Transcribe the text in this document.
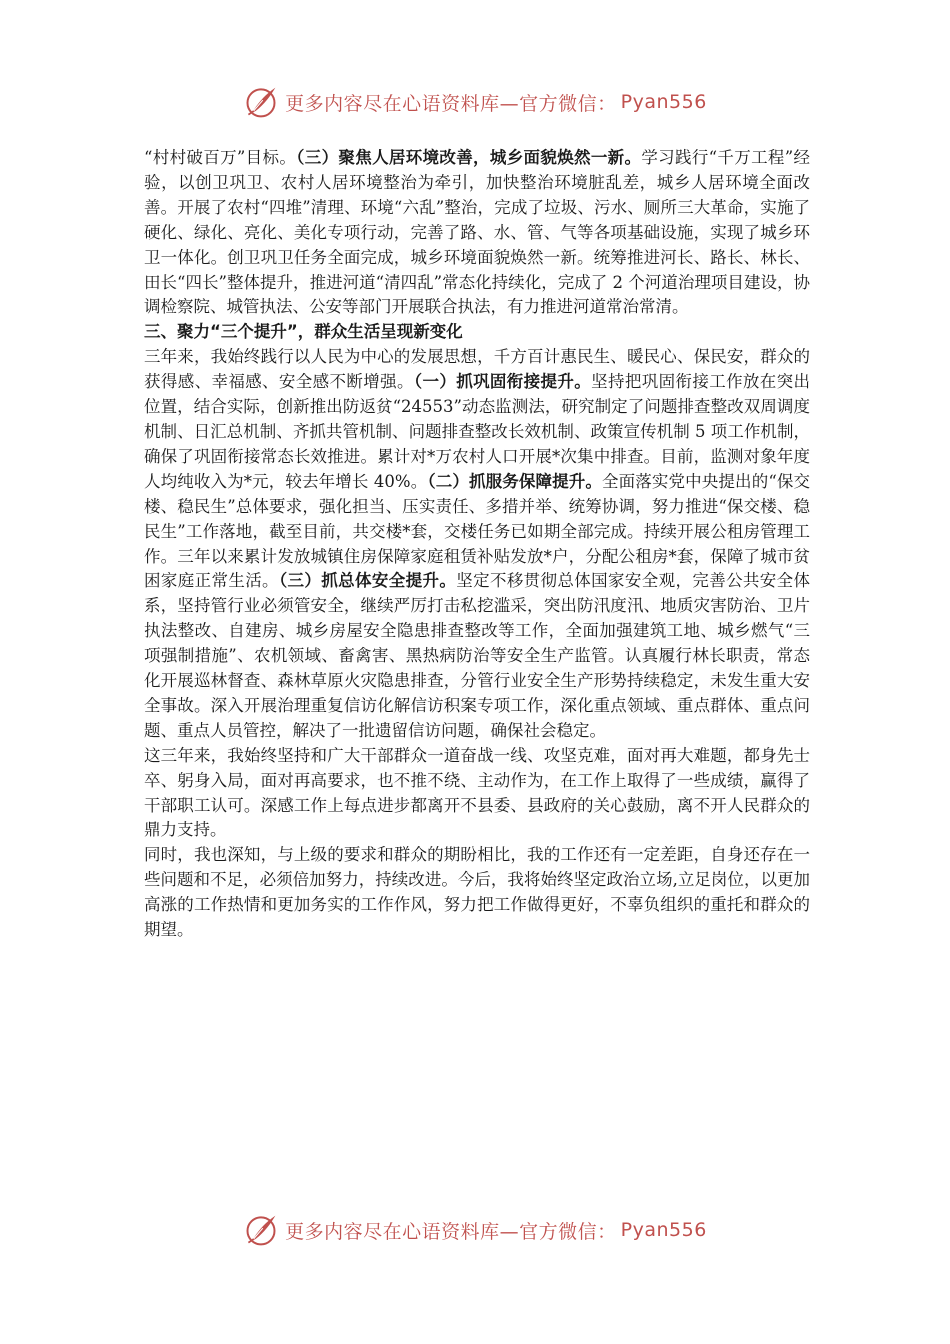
更多内容尽在心语资料库—官方微信： Pyan556

“村村破百万”目标。（三）聚焦人居环境改善，城乡面貌焕然一新。学习践行“千万工程”经验，以创卫巩卫、农村人居环境整治为牵引，加快整治环境脏乱差，城乡人居环境全面改善。开展了农村“四堆”清理、环境“六乱”整治，完成了垃圾、污水、厕所三大革命，实施了硬化、绿化、亮化、美化专项行动，完善了路、水、管、气等各项基础设施，实现了城乡环卫一体化。创卫巩卫任务全面完成，城乡环境面貌焕然一新。统筹推进河长、路长、林长、田长“四长”整体提升，推进河道“清四乱”常态化持续化，完成了 2 个河道治理项目建设，协调检察院、城管执法、公安等部门开展联合执法，有力推进河道常治常清。

三、聚力“三个提升”，群众生活呈现新变化

三年来，我始终践行以人民为中心的发展思想，千方百计惠民生、暖民心、保民安，群众的获得感、幸福感、安全感不断增强。（一）抓巩固衔接提升。坚持把巩固衔接工作放在突出位置，结合实际，创新推出防返贫“24553”动态监测法，研究制定了问题排查整改双周调度机制、日汇总机制、齐抓共管机制、问题排查整改长效机制、政策宣传机制 5 项工作机制，确保了巩固衔接常态长效推进。累计对*万农村人口开展*次集中排查。目前，监测对象年度人均纯收入为*元，较去年增长 40%。（二）抓服务保障提升。全面落实党中央提出的“保交楼、稳民生”总体要求，强化担当、压实责任、多措并举、统筹协调，努力推进“保交楼、稳民生”工作落地，截至目前，共交楼*套，交楼任务已如期全部完成。持续开展公租房管理工作。三年以来累计发放城镇住房保障家庭租赁补贴发放*户，分配公租房*套，保障了城市贫困家庭正常生活。（三）抓总体安全提升。坚定不移贯彻总体国家安全观，完善公共安全体系，坚持管行业必须管安全，继续严厉打击私挖滥采，突出防汛度汛、地质灾害防治、卫片执法整改、自建房、城乡房屋安全隐患排查整改等工作，全面加强建筑工地、城乡燃气“三项强制措施”、农机领域、畜禽害、黑热病防治等安全生产监管。认真履行林长职责，常态化开展巡林督查、森林草原火灾隐患排查，分管行业安全生产形势持续稳定，未发生重大安全事故。深入开展治理重复信访化解信访积案专项工作，深化重点领域、重点群体、重点问题、重点人员管控，解决了一批遗留信访问题，确保社会稳定。

这三年来，我始终坚持和广大干部群众一道奋战一线、攻坚克难，面对再大难题，都身先士卒、躬身入局，面对再高要求，也不推不绕、主动作为，在工作上取得了一些成绩，赢得了干部职工认可。深感工作上每点进步都离开不县委、县政府的关心鼓励，离不开人民群众的鼎力支持。

同时，我也深知，与上级的要求和群众的期盼相比，我的工作还有一定差距，自身还存在一些问题和不足，必须倍加努力，持续改进。今后，我将始终坚定政治立场,立足岗位，以更加高涨的工作热情和更加务实的工作作风，努力把工作做得更好，不辜负组织的重托和群众的期望。

更多内容尽在心语资料库—官方微信： Pyan556
